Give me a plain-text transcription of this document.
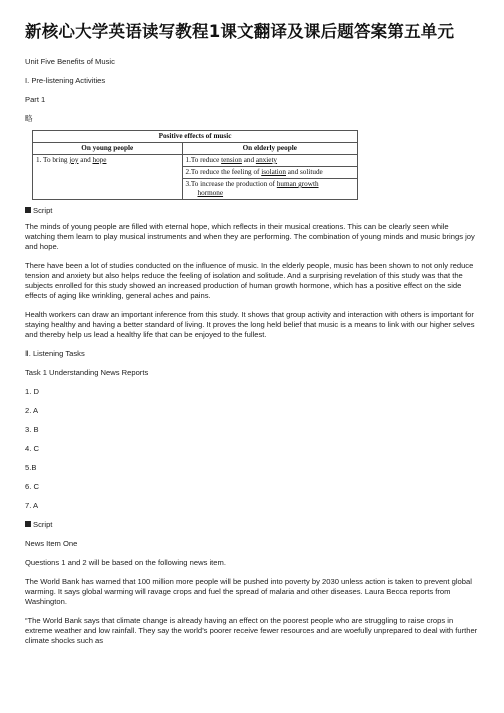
新核心大学英语读写教程1课文翻译及课后题答案第五单元

Unit Five Benefits of Music

I. Pre-listening Activities

Part 1

略

Positive effects of music	
On young people	On elderly people
1. To bring joy and hope	1.To reduce tension and anxiety
	2.To reduce the feeling of isolation and solitude
	3.To increase the production of human growth
hormone

Script

The minds of young people are filled with eternal hope, which reflects in their musical creations. This can be clearly seen while watching them learn to play musical instruments and when they are performing. The combination of young minds and music brings joy and hope.

There have been a lot of studies conducted on the influence of music. In the elderly people, music has been shown to not only reduce tension and anxiety but also helps reduce the feeling of isolation and solitude. And a surprising revelation of this study was that the subjects enrolled for this study showed an increased production of human growth hormone, which has a positive effect on the side effects of aging like wrinkling, general aches and pains.

Health workers can draw an important inference from this study. It shows that group activity and interaction with others is important for staying healthy and having a better standard of living. It proves the long held belief that music is a means to link with our higher selves and thereby help us lead a healthy life that can be enjoyed to the fullest.

Ⅱ. Listening Tasks

Task 1 Understanding News Reports

1. D

2. A

3. B

4. C

5.B

6. C

7. A

Script

News Item One

Questions 1 and 2 will be based on the following news item.

The World Bank has warned that 100 million more people will be pushed into poverty by 2030 unless action is taken to prevent global warming. It says global warming will ravage crops and fuel the spread of malaria and other diseases. Laura Becca reports from Washington.

“The World Bank says that climate change is already having an effect on the poorest people who are struggling to raise crops in extreme weather and low rainfall. They say the world’s poorer receive fewer resources and are woefully unprepared to deal with further climate shocks such as
